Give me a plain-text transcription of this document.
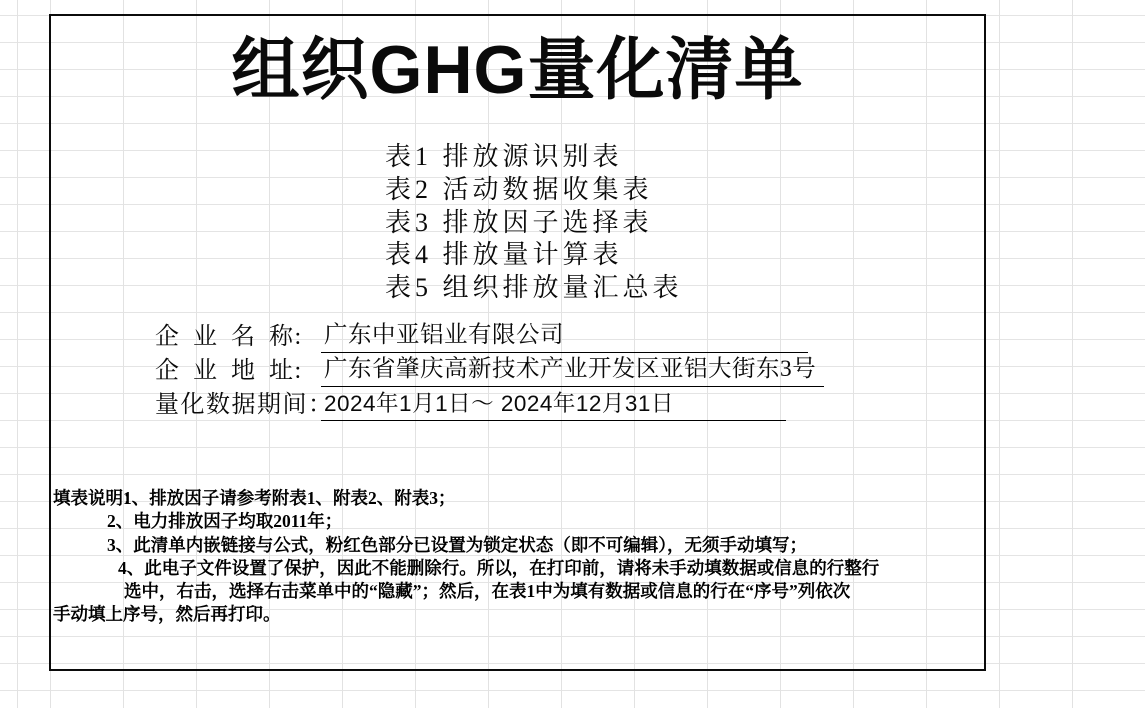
组织GHG量化清单
表1 排放源识别表
表2 活动数据收集表
表3 排放因子选择表
表4 排放量计算表
表5 组织排放量汇总表
企 业 名 称: 广东中亚铝业有限公司
企 业 地 址: 广东省肇庆高新技术产业开发区亚铝大街东3号
量化数据期间：2024年1月1日～ 2024年12月31日
填表说明：
1、排放因子请参考附表1、附表2、附表3；
2、电力排放因子均取2011年；
3、此清单内嵌链接与公式，粉红色部分已设置为锁定状态（即不可编辑），无须手动填写；
4、此电子文件设置了保护，因此不能删除行。所以，在打印前，请将未手动填数据或信息的行整行
选中，右击，选择右击菜单中的“隐藏”；然后，在表1中为填有数据或信息的行在“序号”列依次
手动填上序号，然后再打印。
